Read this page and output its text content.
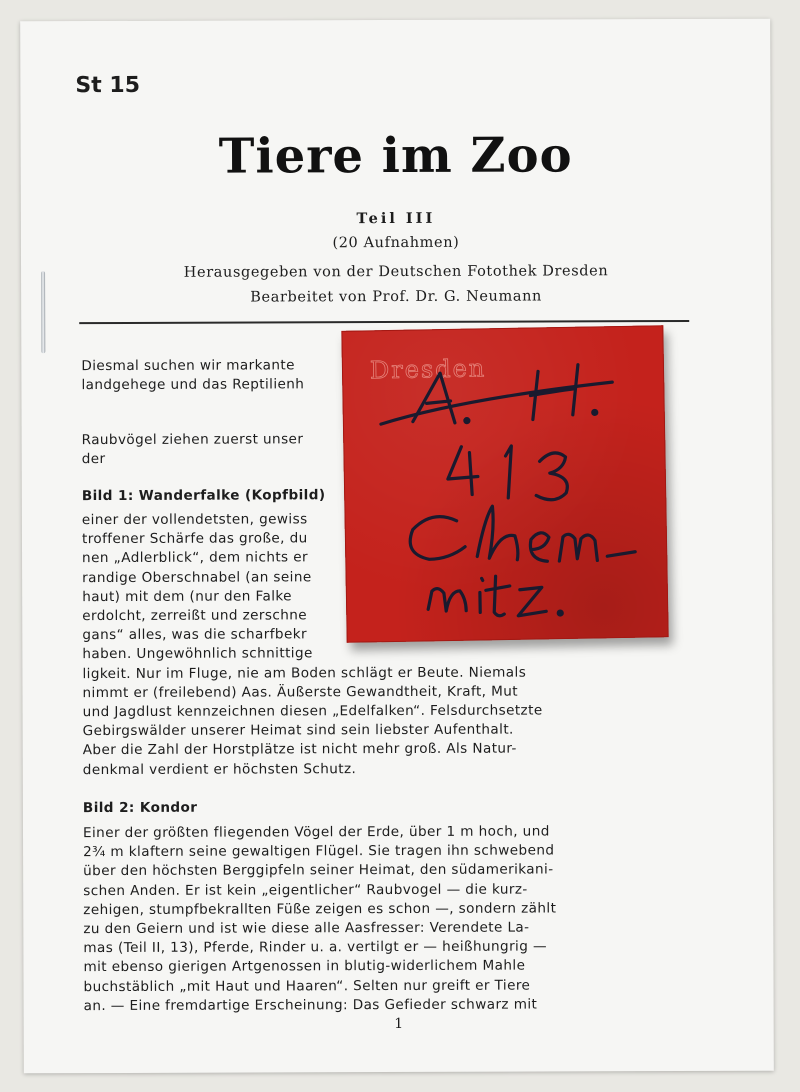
St 15
Tiere im Zoo
Teil III
(20 Aufnahmen)
Herausgegeben von der Deutschen Fotothek Dresden
Bearbeitet von Prof. Dr. G. Neumann
Diesmal suchen wir markante
landgehege und das Reptilienh
Raubvögel ziehen zuerst unser
der
Bild 1: Wanderfalke (Kopfbild)
einer der vollendetsten, gewiss
troffener Schärfe das große, du
nen „Adlerblick“, dem nichts er
randige Oberschnabel (an seine
haut) mit dem (nur den Falke
erdolcht, zerreißt und zerschne
gans“ alles, was die scharfbekr
haben. Ungewöhnlich schnittige
ligkeit. Nur im Fluge, nie am Boden schlägt er Beute. Niemals
nimmt er (freilebend) Aas. Äußerste Gewandtheit, Kraft, Mut
und Jagdlust kennzeichnen diesen „Edelfalken“. Felsdurchsetzte
Gebirgswälder unserer Heimat sind sein liebster Aufenthalt.
Aber die Zahl der Horstplätze ist nicht mehr groß. Als Natur-
denkmal verdient er höchsten Schutz.
Bild 2: Kondor
Einer der größten fliegenden Vögel der Erde, über 1 m hoch, und
2¾ m klaftern seine gewaltigen Flügel. Sie tragen ihn schwebend
über den höchsten Berggipfeln seiner Heimat, den südamerikani-
schen Anden. Er ist kein „eigentlicher“ Raubvogel — die kurz-
zehigen, stumpfbekrallten Füße zeigen es schon —, sondern zählt
zu den Geiern und ist wie diese alle Aasfresser: Verendete La-
mas (Teil II, 13), Pferde, Rinder u. a. vertilgt er — heißhungrig —
mit ebenso gierigen Artgenossen in blutig-widerlichem Mahle
buchstäblich „mit Haut und Haaren“. Selten nur greift er Tiere
an. — Eine fremdartige Erscheinung: Das Gefieder schwarz mit
1
Dresden
